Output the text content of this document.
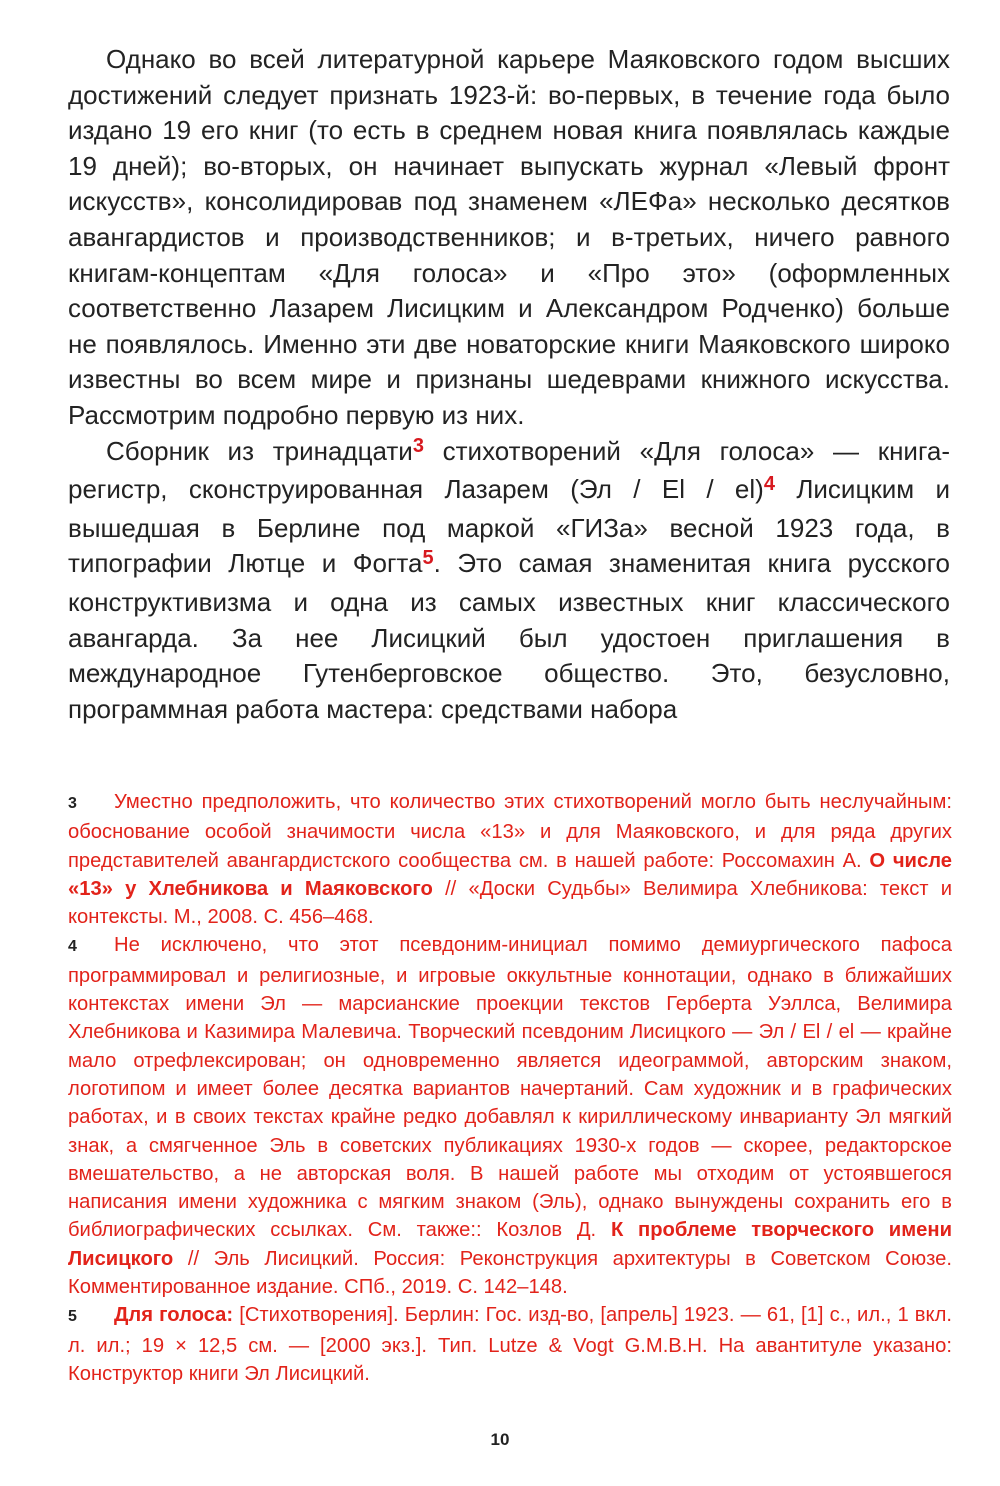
Однако во всей литературной карьере Маяковского годом высших достижений следует признать 1923-й: во-первых, в течение года было издано 19 его книг (то есть в среднем новая книга появлялась каждые 19 дней); во-вторых, он начинает выпускать журнал «Левый фронт искусств», консолидировав под знаменем «ЛЕФа» несколько десятков авангардистов и производственников; и в-третьих, ничего равного книгам-концептам «Для голоса» и «Про это» (оформленных соответственно Лазарем Лисицким и Александром Родченко) больше не появлялось. Именно эти две новаторские книги Маяковского широко известны во всем мире и признаны шедеврами книжного искусства. Рассмотрим подробно первую из них.

Сборник из тринадцати$^3$ стихотворений «Для голоса» — книга-регистр, сконструированная Лазарем (Эл / El / el)$^4$ Лисицким и вышедшая в Берлине под маркой «ГИЗа» весной 1923 года, в типографии Лютце и Фогта$^5$. Это самая знаменитая книга русского конструктивизма и одна из самых известных книг классического авангарда. За нее Лисицкий был удостоен приглашения в международное Гутенберговское общество. Это, безусловно, программная работа мастера: средствами набора

3 Уместно предположить, что количество этих стихотворений могло быть неслучайным: обоснование особой значимости числа «13» и для Маяковского, и для ряда других представителей авангардистского сообщества см. в нашей работе: Россомахин А. О числе «13» у Хлебникова и Маяковского // «Доски Судьбы» Велимира Хлебникова: текст и контексты. М., 2008. С. 456–468.

4 Не исключено, что этот псевдоним-инициал помимо демиургического пафоса программировал и религиозные, и игровые оккультные коннотации, однако в ближайших контекстах имени Эл — марсианские проекции текстов Герберта Уэллса, Велимира Хлебникова и Казимира Малевича. Творческий псевдоним Лисицкого — Эл / El / el — крайне мало отрефлексирован; он одновременно является идеограммой, авторским знаком, логотипом и имеет более десятка вариантов начертаний. Сам художник и в графических работах, и в своих текстах крайне редко добавлял к кириллическому инварианту Эл мягкий знак, а смягченное Эль в советских публикациях 1930-х годов — скорее, редакторское вмешательство, а не авторская воля. В нашей работе мы отходим от устоявшегося написания имени художника с мягким знаком (Эль), однако вынуждены сохранить его в библиографических ссылках. См. также:: Козлов Д. К проблеме творческого имени Лисицкого // Эль Лисицкий. Россия: Реконструкция архитектуры в Советском Союзе. Комментированное издание. СПб., 2019. С. 142–148.

5 Для голоса: [Стихотворения]. Берлин: Гос. изд-во, [апрель] 1923. — 61, [1] с., ил., 1 вкл. л. ил.; 19 × 12,5 см. — [2000 экз.]. Тип. Lutze & Vogt G.M.B.H. На авантитуле указано: Конструктор книги Эл Лисицкий.

10
